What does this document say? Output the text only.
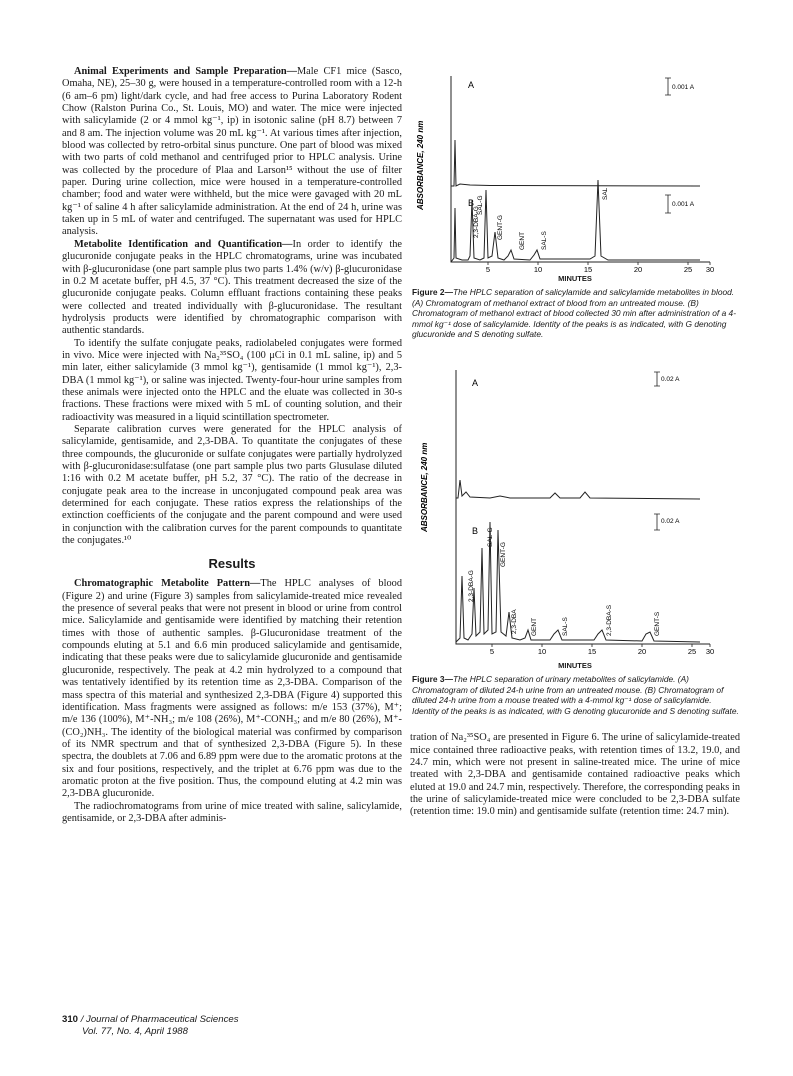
Animal Experiments and Sample Preparation—Male CF1 mice (Sasco, Omaha, NE), 25–30 g, were housed in a temperature-controlled room with a 12-h (6 am–6 pm) light/dark cycle, and had free access to Purina Laboratory Rodent Chow (Ralston Purina Co., St. Louis, MO) and water. The mice were injected with salicylamide (2 or 4 mmol kg⁻¹, ip) in isotonic saline (pH 8.7) between 7 and 8 am. The injection volume was 20 mL kg⁻¹. At various times after injection, blood was collected by retro-orbital sinus puncture. One part of blood was mixed with two parts of cold methanol and centrifuged prior to HPLC analysis. Urine was collected by the procedure of Plaa and Larson¹⁵ without the use of filter paper. During urine collection, mice were housed in a temperature-controlled chamber; food and water were withheld, but the mice were gavaged with 20 mL kg⁻¹ of saline 4 h after salicylamide administration. At the end of 24 h, urine was taken up in 5 mL of water and centrifuged. The supernatant was used for HPLC analysis.

Metabolite Identification and Quantification—In order to identify the glucuronide conjugate peaks in the HPLC chromatograms, urine was incubated with β-glucuronidase (one part sample plus two parts 1.4% (w/v) β-glucuronidase in 0.2 M acetate buffer, pH 4.5, 37 °C). This treatment decreased the size of the glucuronide conjugate peaks. Column effluant fractions containing these peaks were collected and treated individually with β-glucuronidase. The resultant hydrolysis products were identified by chromatographic comparison with authentic standards.

To identify the sulfate conjugate peaks, radiolabeled conjugates were formed in vivo. Mice were injected with Na₂³⁵SO₄ (100 μCi in 0.1 mL saline, ip) and 5 min later, either salicylamide (3 mmol kg⁻¹), gentisamide (1 mmol kg⁻¹), 2,3-DBA (1 mmol kg⁻¹), or saline was injected. Twenty-four-hour urine samples from these animals were injected onto the HPLC and the eluate was collected in 30-s fractions. These fractions were mixed with 5 mL of counting solution, and their radioactivity was measured in a liquid scintillation spectrometer.

Separate calibration curves were generated for the HPLC analysis of salicylamide, gentisamide, and 2,3-DBA. To quantitate the conjugates of these three compounds, the glucuronide or sulfate conjugates were partially hydrolyzed with β-glucuronidase:sulfatase (one part sample plus two parts Glusulase diluted 1:16 with 0.2 M acetate buffer, pH 5.2, 37 °C). The ratio of the decrease in conjugate peak area to the increase in unconjugated compound peak area was determined for each conjugate. These ratios express the relationships of the extinction coefficients of the conjugate and the parent compound and were used in conjunction with the calibration curves for the parent compounds to quantitate the conjugates.¹⁰

Results

Chromatographic Metabolite Pattern—The HPLC analyses of blood (Figure 2) and urine (Figure 3) samples from salicylamide-treated mice revealed the presence of several peaks that were not present in blood or urine from control mice. Salicylamide and gentisamide were identified by matching their retention times with those of authentic samples. β-Glucuronidase treatment of the compounds eluting at 5.1 and 6.6 min produced salicylamide and gentisamide, indicating that these peaks were due to salicylamide glucuronide and gentisamide glucuronide, respectively. The peak at 4.2 min hydrolyzed to a compound that was tentatively identified by its retention time as 2,3-DBA. Comparison of the mass spectra of this material and synthesized 2,3-DBA (Figure 4) supported this identification. Mass fragments were assigned as follows: m/e 153 (37%), M⁺; m/e 136 (100%), M⁺-NH₃; m/e 108 (26%), M⁺-CONH₃; and m/e 80 (26%), M⁺-(CO₂)NH₃. The identity of the biological material was confirmed by comparison of its NMR spectrum and that of synthesized 2,3-DBA (Figure 5). In these spectra, the doublets at 7.06 and 6.89 ppm were due to the aromatic protons at the six and four positions, respectively, and the triplet at 6.76 ppm was due to the aromatic proton at the five position. Thus, the compound eluting at 4.2 min was 2,3-DBA glucuronide.

The radiochromatograms from urine of mice treated with saline, salicylamide, gentisamide, or 2,3-DBA after adminis-

ABSORBANCE, 240 nm
A	0.001 A
B	0.001 A
2,3-DBA-G
SAL-G
GENT-G
GENT SAL-S
SAL
5	10	15	20	25 30
MINUTES

Figure 2—The HPLC separation of salicylamide and salicylamide metabolites in blood. (A) Chromatogram of methanol extract of blood from an untreated mouse. (B) Chromatogram of methanol extract of blood collected 30 min after administration of a 4-mmol kg⁻¹ dose of salicylamide. Identity of the peaks is as indicated, with G denoting glucuronide and S denoting sulfate.

ABSORBANCE, 240 nm
A	0.02 A
B
0.02 A
2,3-DBA-G
SAL-G
GENT-G
2,3-DBA GENT	SAL-S	2,3-DBA-S	GENT-S
5	10	15	20	25 30
MINUTES

Figure 3—The HPLC separation of urinary metabolites of salicylamide. (A) Chromatogram of diluted 24-h urine from an untreated mouse. (B) Chromatogram of diluted 24-h urine from a mouse treated with a 4-mmol kg⁻¹ dose of salicylamide. Identity of the peaks is as indicated, with G denoting glucuronide and S denoting sulfate.

tration of Na₂³⁵SO₄ are presented in Figure 6. The urine of salicylamide-treated mice contained three radioactive peaks, with retention times of 13.2, 19.0, and 24.7 min, which were not present in saline-treated mice. The urine of mice treated with 2,3-DBA and gentisamide contained radioactive peaks which eluted at 19.0 and 24.7 min, respectively. Therefore, the corresponding peaks in the urine of salicylamide-treated mice were concluded to be 2,3-DBA sulfate (retention time: 19.0 min) and gentisamide sulfate (retention time: 24.7 min).

310 / Journal of Pharmaceutical Sciences
Vol. 77, No. 4, April 1988
